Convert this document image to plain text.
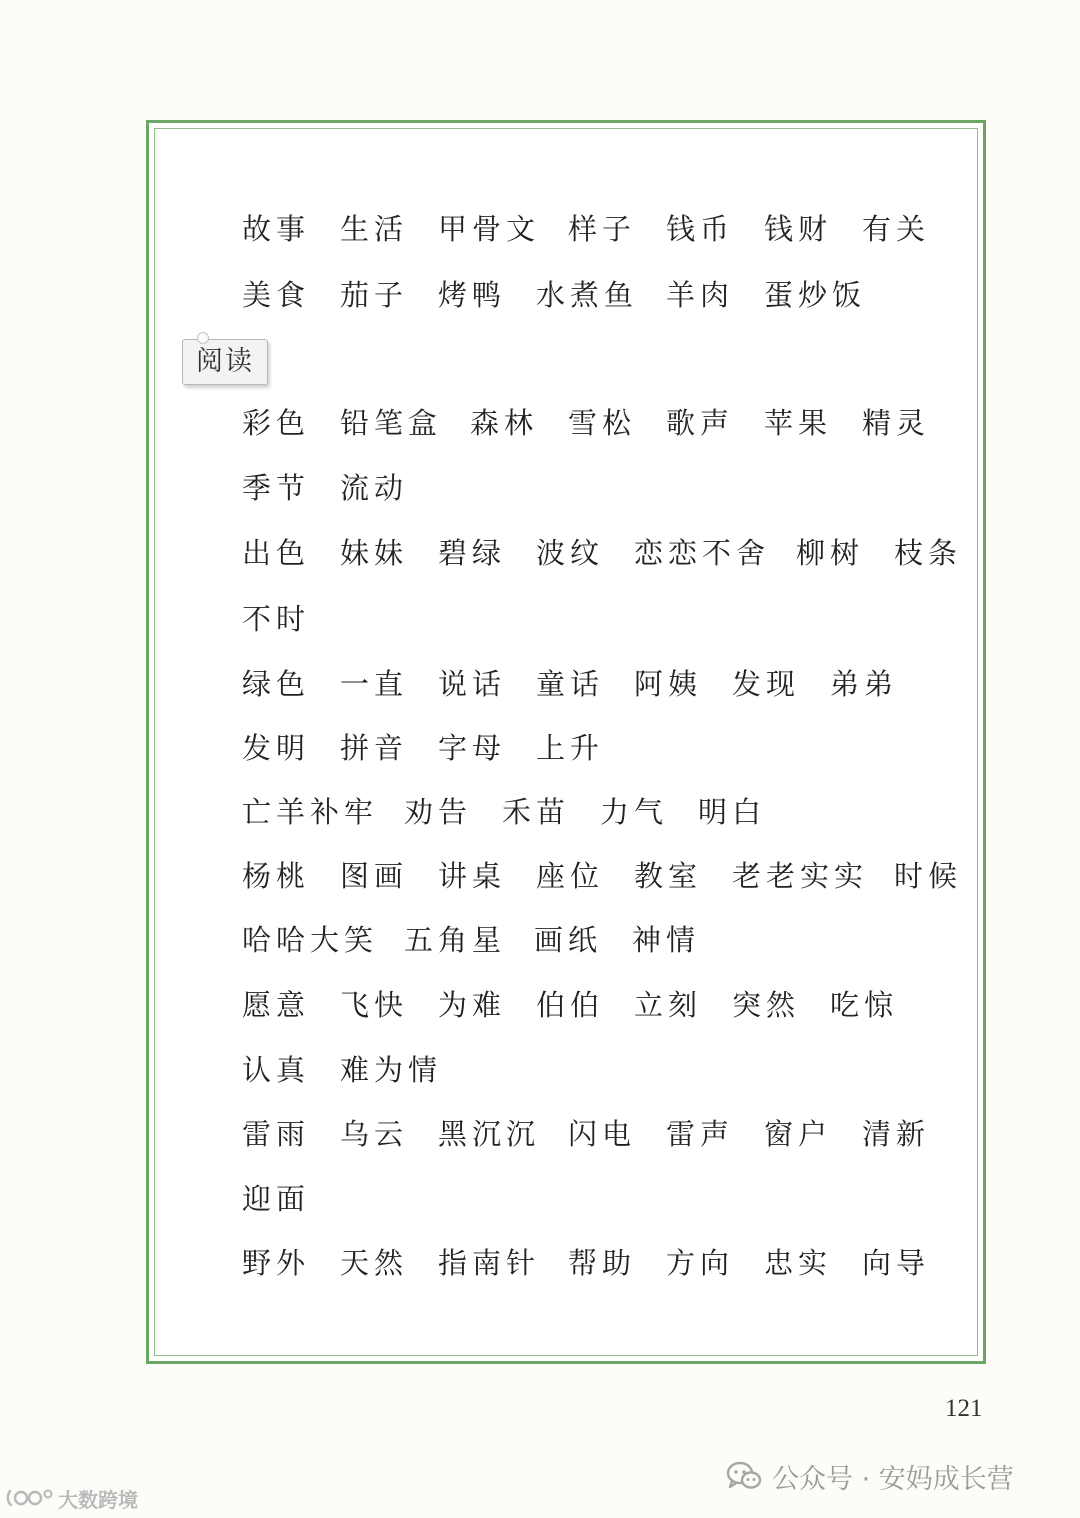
故事 生活 甲骨文 样子 钱币 钱财 有关
美食 茄子 烤鸭 水煮鱼 羊肉 蛋炒饭
彩色 铅笔盒 森林 雪松 歌声 苹果 精灵
季节 流动
出色 妹妹 碧绿 波纹 恋恋不舍 柳树 枝条
不时
绿色 一直 说话 童话 阿姨 发现 弟弟
发明 拼音 字母 上升
亡羊补牢 劝告 禾苗 力气 明白
杨桃 图画 讲桌 座位 教室 老老实实 时候
哈哈大笑 五角星 画纸 神情
愿意 飞快 为难 伯伯 立刻 突然 吃惊
认真 难为情
雷雨 乌云 黑沉沉 闪电 雷声 窗户 清新
迎面
野外 天然 指南针 帮助 方向 忠实 向导
阅读
121
公众号 · 安妈成长营
大数跨境
